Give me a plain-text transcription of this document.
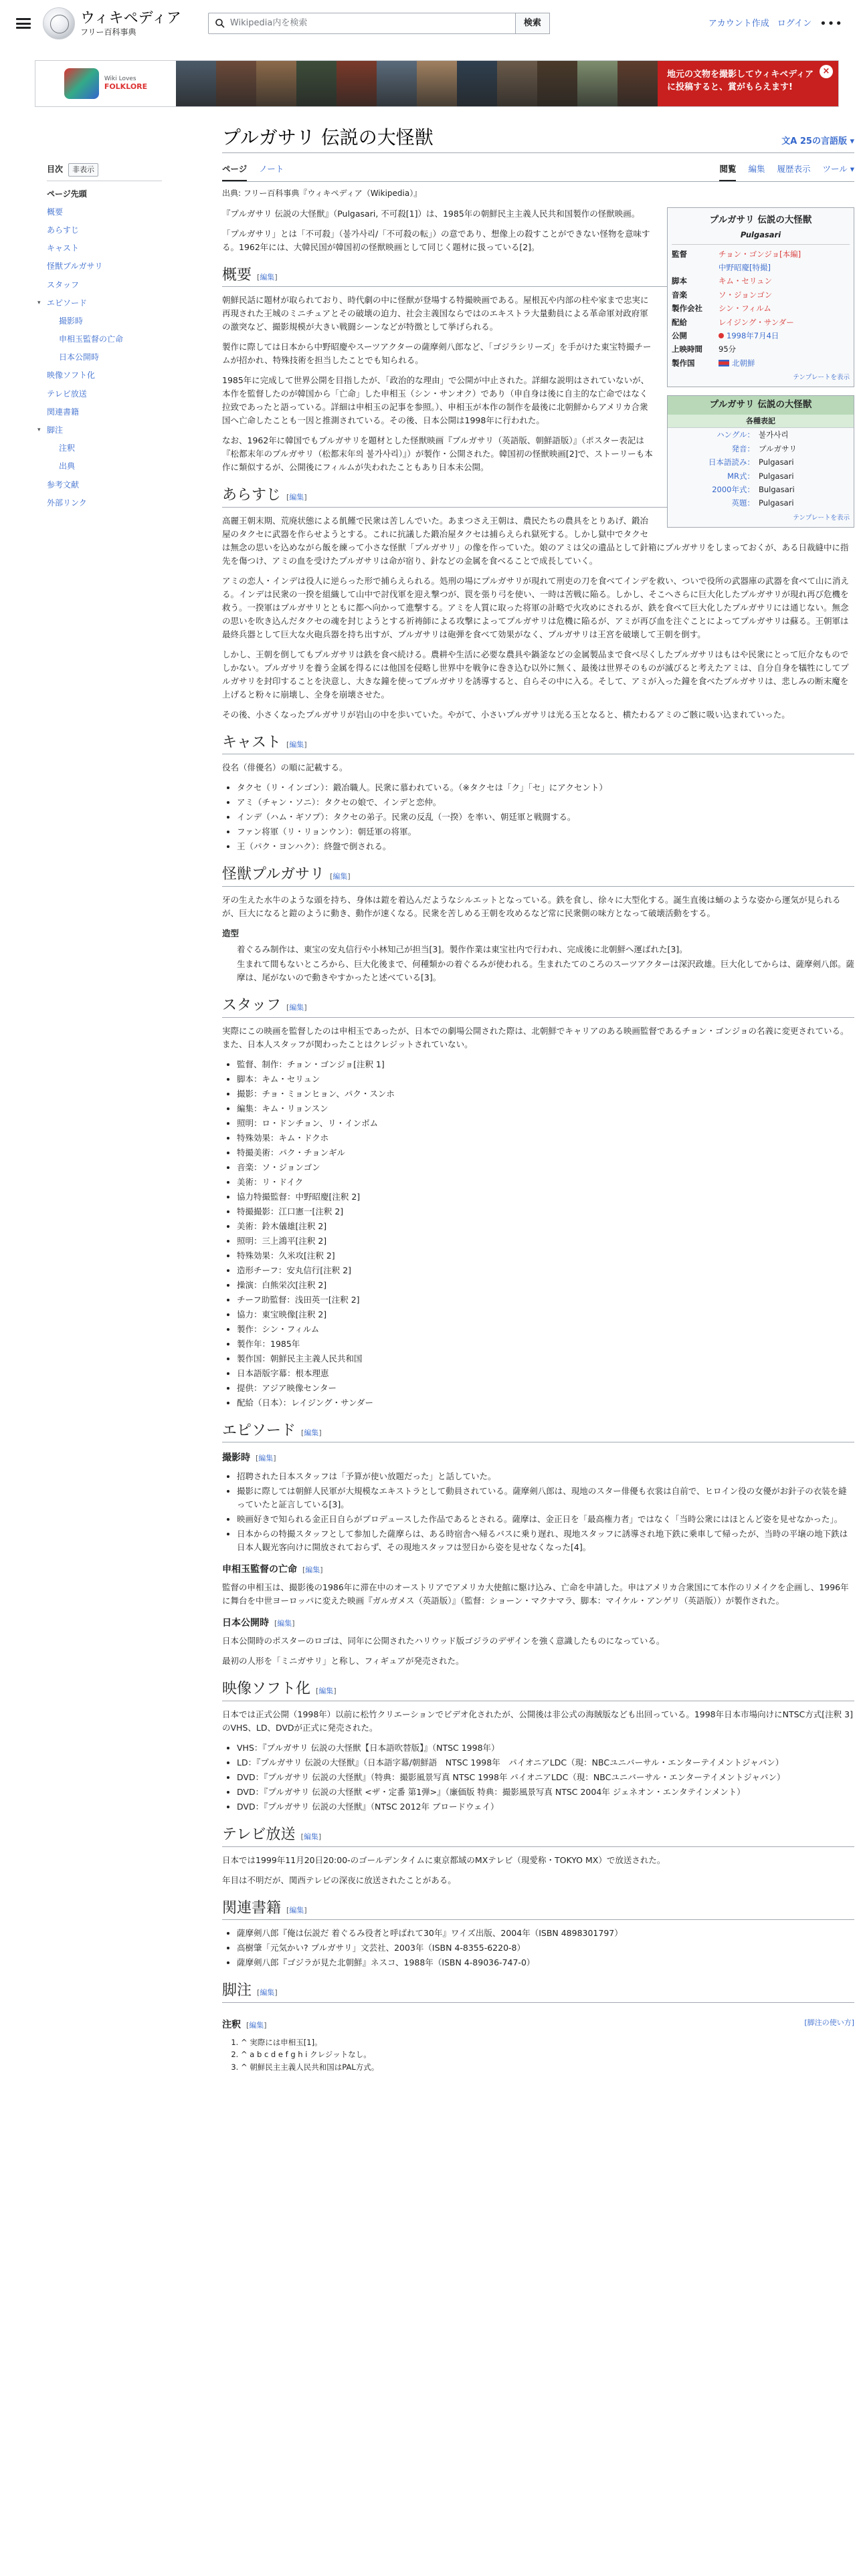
ウィキペディア
フリー百科事典
Wikipedia内を検索	検索	アカウント作成 ログイン •••
Wiki Loves
FOLKLORE
地元の文物を撮影してウィキペディアに投稿すると、賞がもらえます!
×
目次	非表示
ページ先頭
概要
あらすじ
キャスト
怪獣プルガサリ
スタッフ
▾ エピソード
撮影時
申相玉監督の亡命
日本公開時
映像ソフト化
テレビ放送
関連書籍
▾ 脚注
注釈
出典
参考文献
外部リンク
プルガサリ 伝説の大怪獣	文A 25の言語版 ▾
ページ ノート	閲覧 編集 履歴表示 ツール ▾
出典: フリー百科事典『ウィキペディア（Wikipedia）』
プルガサリ 伝説の大怪獣
Pulgasari
監督	チョン・ゴンジョ[本編]
中野昭慶[特撮]
脚本	キム・セリュン
音楽	ソ・ジョンゴン
製作会社	シン・フィルム
配給	レイジング・サンダー
公開	1998年7月4日
上映時間	95分
製作国	北朝鮮
テンプレートを表示
プルガサリ 伝説の大怪獣
各種表記
ハングル： 불가사리
発音： プルガサリ
日本語読み： Pulgasari
MR式： Pulgasari
2000年式： Bulgasari
英題： Pulgasari
テンプレートを表示

『プルガサリ 伝説の大怪獣』（Pulgasari, 不可殺[1]）は、1985年の朝鮮民主主義人民共和国製作の怪獣映画。

「プルガサリ」とは「不可殺」（불가사리/「不可殺の転」）の意であり、想像上の殺すことができない怪物を意味する。1962年には、大韓民国が韓国初の怪獣映画として同じく題材に扱っている[2]。

概要 [編集]

朝鮮民話に題材が取られており、時代劇の中に怪獣が登場する特撮映画である。屋根瓦や内部の柱や家まで忠実に再現された王城のミニチュアとその破壊の迫力、社会主義国ならではのエキストラ大量動員による革命軍対政府軍の激突など、撮影規模が大きい戦闘シーンなどが特徴として挙げられる。

製作に際しては日本から中野昭慶やスーツアクターの薩摩剣八郎など、「ゴジラシリーズ」を手がけた東宝特撮チームが招かれ、特殊技術を担当したことでも知られる。

1985年に完成して世界公開を目指したが、「政治的な理由」で公開が中止された。詳細な説明はされていないが、本作を監督したのが韓国から「亡命」した申相玉（シン・サンオク）であり（申自身は後に自主的な亡命ではなく拉致であったと語っている。詳細は申相玉の記事を参照。）、申相玉が本作の制作を最後に北朝鮮からアメリカ合衆国へ亡命したことも一因と推測されている。その後、日本公開は1998年に行われた。

なお、1962年に韓国でもプルガサリを題材とした怪獣映画『プルガサリ（英語版、朝鮮語版）』（ポスター表記は『松都末年のプルガサリ（松都末年의 불가사리）』）が製作・公開された。韓国初の怪獣映画[2]で、ストーリーも本作に類似するが、公開後にフィルムが失われたこともあり日本未公開。

あらすじ [編集]

高麗王朝末期、荒廃状態による飢饉で民衆は苦しんでいた。あまつさえ王朝は、農民たちの農具をとりあげ、鍛冶屋のタクセに武器を作らせようとする。これに抗議した鍛冶屋タクセは捕らえられ獄死する。しかし獄中でタクセは無念の思いを込めながら飯を練って小さな怪獣「プルガサリ」の像を作っていた。娘のアミは父の遺品として針箱にプルガサリをしまっておくが、ある日裁縫中に指先を傷つけ、アミの血を受けたプルガサリは命が宿り、針などの金属を食べることで成長していく。

アミの恋人・インデは役人に逆らった形で捕らえられる。処刑の場にプルガサリが現れて刑吏の刀を食べてインデを救い、ついで役所の武器庫の武器を食べて山に消える。インデは民衆の一揆を組織して山中で討伐軍を迎え撃つが、罠を張り弓を使い、一時は苦戦に陥る。しかし、そこへさらに巨大化したプルガサリが現れ再び危機を救う。一揆軍はプルガサリとともに都へ向かって進撃する。アミを人質に取った将軍の計略で火攻めにされるが、鉄を食べて巨大化したプルガサリには通じない。無念の思いを吹き込んだタクセの魂を封じようとする祈祷師による攻撃によってプルガサリは危機に陥るが、アミが再び血を注ぐことによってプルガサリは蘇る。王朝軍は最終兵器として巨大な火砲兵器を持ち出すが、プルガサリは砲弾を食べて効果がなく、プルガサリは王宮を破壊して王朝を倒す。

しかし、王朝を倒してもプルガサリは鉄を食べ続ける。農耕や生活に必要な農具や鍋釜などの金属製品まで食べ尽くしたプルガサリはもはや民衆にとって厄介なものでしかない。プルガサリを養う金属を得るには他国を侵略し世界中を戦争に巻き込む以外に無く、最後は世界そのものが滅びると考えたアミは、自分自身を犠牲にしてプルガサリを封印することを決意し、大きな鐘を使ってプルガサリを誘導すると、自らその中に入る。そして、アミが入った鐘を食べたプルガサリは、悲しみの断末魔を上げると粉々に崩壊し、全身を崩壊させた。

その後、小さくなったプルガサリが岩山の中を歩いていた。やがて、小さいプルガサリは光る玉となると、横たわるアミのご骸に吸い込まれていった。

キャスト [編集]

役名（俳優名）の順に記載する。

• タクセ（リ・インゴン）：鍛冶職人。民衆に慕われている。（※タクセは「ク」「セ」にアクセント）
• アミ（チャン・ソニ）：タクセの娘で、インデと恋仲。
• インデ（ハム・ギソプ）：タクセの弟子。民衆の反乱（一揆）を率い、朝廷軍と戦闘する。
• ファン将軍（リ・リョンウン）：朝廷軍の将軍。
• 王（パク・ヨンハク）：終盤で倒される。
怪獣プルガサリ [編集]

牙の生えた水牛のような頭を持ち、身体は鎧を着込んだようなシルエットとなっている。鉄を食し、徐々に大型化する。誕生直後は蛹のような姿から運気が見られるが、巨大になると鎧のように動き、動作が速くなる。民衆を苦しめる王朝を攻めるなど常に民衆側の味方となって破壊活動をする。

造型

着ぐるみ制作は、東宝の安丸信行や小林知己が担当[3]。製作作業は東宝社内で行われ、完成後に北朝鮮へ運ばれた[3]。

生まれて間もないところから、巨大化後まで、何種類かの着ぐるみが使われる。生まれたてのころのスーツアクターは深沢政雄。巨大化してからは、薩摩剣八郎。薩摩は、尾がないので動きやすかったと述べている[3]。

スタッフ [編集]

実際にこの映画を監督したのは申相玉であったが、日本での劇場公開された際は、北朝鮮でキャリアのある映画監督であるチョン・ゴンジョの名義に変更されている。また、日本人スタッフが関わったことはクレジットされていない。

• 監督、制作：チョン・ゴンジョ[注釈 1]
• 脚本：キム・セリュン
• 撮影：チョ・ミョンヒョン、パク・スンホ
• 編集：キム・リョンスン
• 照明：ロ・ドンチョン、リ・インボム
• 特殊効果：キム・ドクホ
• 特撮美術：パク・チョンギル
• 音楽：ソ・ジョンゴン
• 美術：リ・ドイク
• 協力特撮監督：中野昭慶[注釈 2]
• 特撮撮影：江口憲一[注釈 2]
• 美術：鈴木儀雄[注釈 2]
• 照明：三上鴻平[注釈 2]
• 特殊効果：久米攻[注釈 2]
• 造形チーフ：安丸信行[注釈 2]
• 操演：白熊栄次[注釈 2]
• チーフ助監督：浅田英一[注釈 2]
• 協力：東宝映像[注釈 2]
• 製作：シン・フィルム
• 製作年：1985年
• 製作国：朝鮮民主主義人民共和国
• 日本語版字幕：根本理恵
• 提供：アジア映像センター
• 配給（日本）：レイジング・サンダー
エピソード [編集]
撮影時 [編集]
• 招聘された日本スタッフは「予算が使い放題だった」と話していた。
• 撮影に際しては朝鮮人民軍が大規模なエキストラとして動員されている。薩摩剣八郎は、現地のスター俳優も衣裳は自前で、ヒロイン役の女優がお針子の衣装を縫っていたと証言している[3]。
• 映画好きで知られる金正日自らがプロデュースした作品であるとされる。薩摩は、金正日を「最高権力者」ではなく「当時公衆にはほとんど姿を見せなかった」。
• 日本からの特撮スタッフとして参加した薩摩らは、ある時宿舎へ帰るバスに乗り遅れ、現地スタッフに誘導され地下鉄に乗車して帰ったが、当時の平壌の地下鉄は日本人観光客向けに開放されておらず、その現地スタッフは翌日から姿を見せなくなった[4]。
申相玉監督の亡命 [編集]

監督の申相玉は、撮影後の1986年に滞在中のオーストリアでアメリカ大使館に駆け込み、亡命を申請した。申はアメリカ合衆国にて本作のリメイクを企画し、1996年に舞台を中世ヨーロッパに変えた映画『ガルガメス（英語版）』（監督：ショーン・マクナマラ、脚本：マイケル・アンゲリ（英語版））が製作された。

日本公開時 [編集]

日本公開時のポスターのロゴは、同年に公開されたハリウッド版ゴジラのデザインを強く意識したものになっている。

最初の人形を「ミニガサリ」と称し、フィギュアが発売された。

映像ソフト化 [編集]

日本では正式公開（1998年）以前に松竹クリエーションでビデオ化されたが、公開後は非公式の海賊版なども出回っている。1998年日本市場向けにNTSC方式[注釈 3]のVHS、LD、DVDが正式に発売された。

• VHS：『プルガサリ 伝説の大怪獣【日本語吹替版】』（NTSC 1998年）
• LD：『プルガサリ 伝説の大怪獣』（日本語字幕/朝鮮語　NTSC 1998年　パイオニアLDC（現：NBCユニバーサル・エンターテイメントジャパン）
• DVD：『プルガサリ 伝説の大怪獣』（特典：撮影風景写真 NTSC 1998年 パイオニアLDC（現：NBCユニバーサル・エンターテイメントジャパン）
• DVD：『プルガサリ 伝説の大怪獣 <ザ・定番 第1弾>』（廉価版 特典：撮影風景写真 NTSC 2004年 ジェネオン・エンタテインメント）
• DVD：『プルガサリ 伝説の大怪獣』（NTSC 2012年 ブロードウェイ）
テレビ放送 [編集]

日本では1999年11月20日20:00-のゴールデンタイムに東京都域のMXテレビ（現愛称・TOKYO MX）で放送された。

年目は不明だが、関西テレビの深夜に放送されたことがある。

関連書籍 [編集]
• 薩摩剣八郎『俺は伝説だ 着ぐるみ役者と呼ばれて30年』ワイズ出版、2004年（ISBN 4898301797）
• 高樹肇「元気かい? プルガサリ」文芸社、2003年（ISBN 4-8355-6220-8）
• 薩摩剣八郎『ゴジラが見た北朝鮮』ネスコ、1988年（ISBN 4-89036-747-0）
脚注 [編集]
注釈 [編集]	[脚注の使い方]
1. ^ 実際には申相玉[1]。
2. ^ a b c d e f g h i クレジットなし。
3. ^ 朝鮮民主主義人民共和国はPAL方式。
